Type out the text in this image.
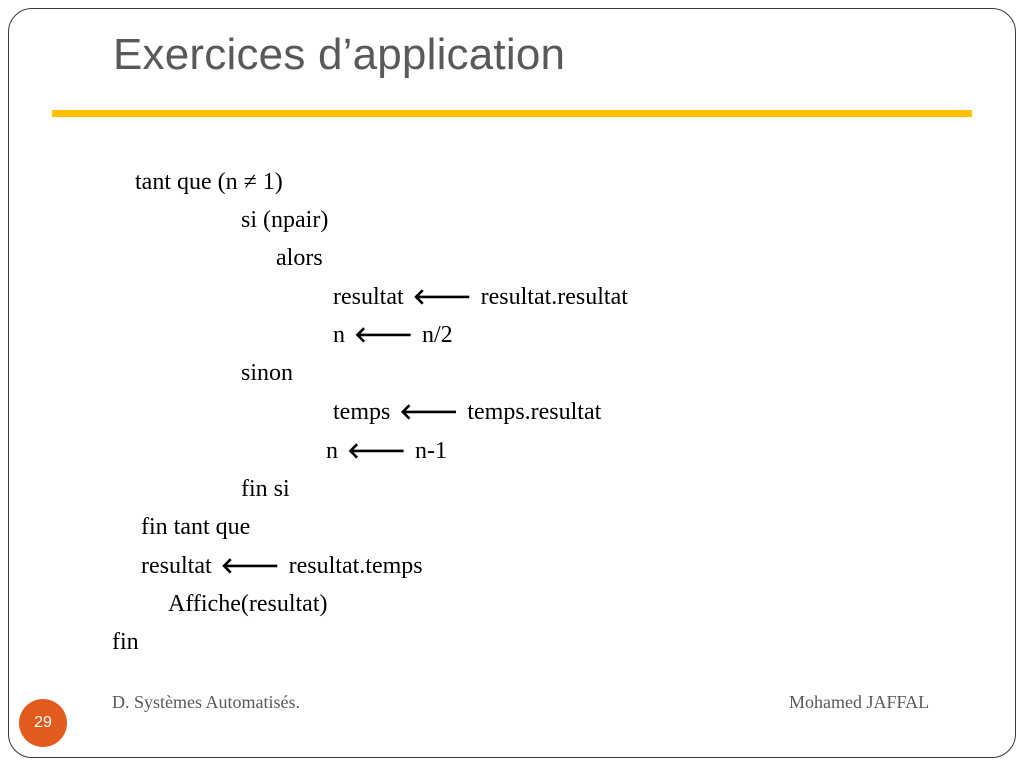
Exercices d’application
tant que (n ≠ 1)
si (npair)
alors
resultat 🡐 resultat.resultat
n 🡐 n/2
sinon
temps 🡐 temps.resultat
n 🡐 n-1
fin si
fin tant que
resultat 🡐 resultat.temps
Affiche(resultat)
fin
D. Systèmes Automatisés.	Mohamed JAFFAL
29
